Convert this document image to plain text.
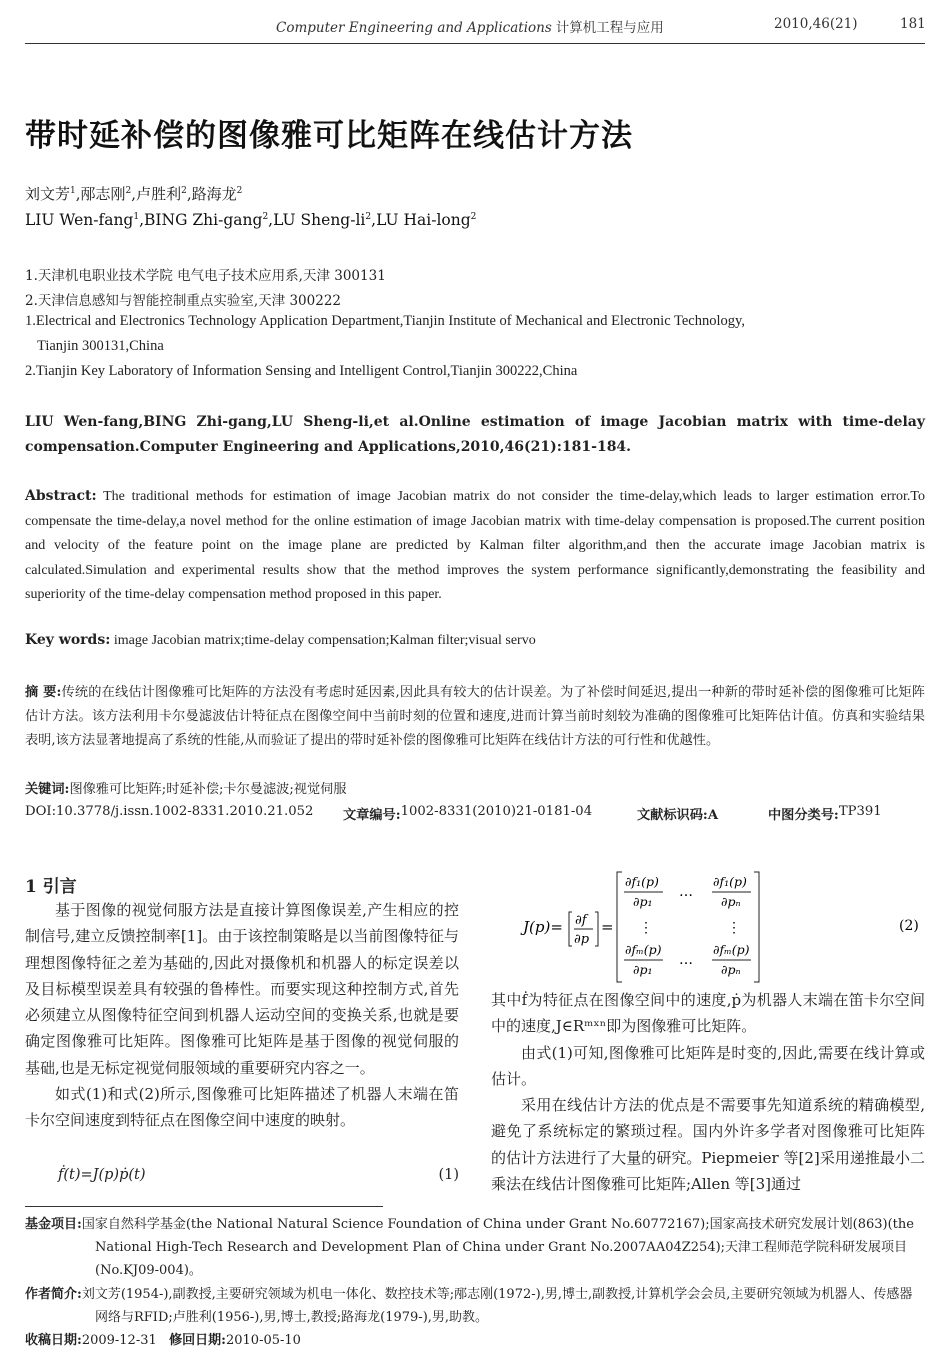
Computer Engineering and Applications 计算机工程与应用	2010,46(21)	181
带时延补偿的图像雅可比矩阵在线估计方法
刘文芳$^1$,邴志刚$^2$,卢胜利$^2$,路海龙$^2$
LIU Wen-fang$^1$,BING Zhi-gang$^2$,LU Sheng-$li^2,LU$ Hai-long$^2$
1.天津机电职业技术学院 电气电子技术应用系,天津 300131
2.天津信息感知与智能控制重点实验室,天津 300222
1.Electrical and Electronics Technology Application Department,Tianjin Institute of Mechanical and Electronic Technology,
Tianjin 300131,China
2.Tianjin Key Laboratory of Information Sensing and Intelligent Control,Tianjin 300222,China
LIU Wen-fang,BING Zhi-gang,LU Sheng-li,et al.Online estimation of image Jacobian matrix with time-delay compensation.Computer Engineering and Applications,2010,46(21):181-184.
Abstract: The traditional methods for estimation of image Jacobian matrix do not consider the time-delay,which leads to larger estimation error.To compensate the time-delay,a novel method for the online estimation of image Jacobian matrix with time-delay compensation is proposed.The current position and velocity of the feature point on the image plane are predicted by Kalman filter algorithm,and then the accurate image Jacobian matrix is calculated.Simulation and experimental results show that the method improves the system performance significantly,demonstrating the feasibility and superiority of the time-delay compensation method proposed in this paper.
Key words: image Jacobian matrix;time-delay compensation;Kalman filter;visual servo
摘 要:传统的在线估计图像雅可比矩阵的方法没有考虑时延因素,因此具有较大的估计误差。为了补偿时间延迟,提出一种新的带时延补偿的图像雅可比矩阵估计方法。该方法利用卡尔曼滤波估计特征点在图像空间中当前时刻的位置和速度,进而计算当前时刻较为准确的图像雅可比矩阵估计值。仿真和实验结果表明,该方法显著地提高了系统的性能,从而验证了提出的带时延补偿的图像雅可比矩阵在线估计方法的可行性和优越性。
关键词:图像雅可比矩阵;时延补偿;卡尔曼滤波;视觉伺服
DOI:10.3778/j.issn.1002-8331.2010.21.052 文章编号: 1002-8331(2010)21-0181-04	文献标识码:A	中图分类号: TP391
1 引言

基于图像的视觉伺服方法是直接计算图像误差,产生相应的控制信号,建立反馈控制率[1]。由于该控制策略是以当前图像特征与理想图像特征之差为基础的,因此对摄像机和机器人的标定误差以及目标模型误差具有较强的鲁棒性。而要实现这种控制方式,首先必须建立从图像特征空间到机器人运动空间的变换关系,也就是要确定图像雅可比矩阵。图像雅可比矩阵是基于图像的视觉伺服的基础,也是无标定视觉伺服领域的重要研究内容之一。

如式(1)和式(2)所示,图像雅可比矩阵描述了机器人末端在笛卡尔空间速度到特征点在图像空间中速度的映射。

ḟ(t)=J(p)ṗ(t)	(1)
J(p)= ∂f
∂p
=
∂f₁(p)
∂p₁
…
∂f₁(p)
∂pₙ
⋮	⋮
∂fₘ(p)
∂p₁
…
∂fₘ(p)
∂pₙ
(2)

其中ḟ为特征点在图像空间中的速度,ṗ为机器人末端在笛卡尔空间中的速度,J∈Rᵐˣⁿ即为图像雅可比矩阵。

由式(1)可知,图像雅可比矩阵是时变的,因此,需要在线计算或估计。

采用在线估计方法的优点是不需要事先知道系统的精确模型,避免了系统标定的繁琐过程。国内外许多学者对图像雅可比矩阵的估计方法进行了大量的研究。Piepmeier 等[2]采用递推最小二乘法在线估计图像雅可比矩阵;Allen 等[3]通过

基金项目:国家自然科学基金(the National Natural Science Foundation of China under Grant No.60772167);国家高技术研究发展计划(863)(the National High-Tech Research and Development Plan of China under Grant No.2007AA04Z254);天津工程师范学院科研发展项目(No.KJ09-004)。
作者简介:刘文芳(1954-),副教授,主要研究领域为机电一体化、数控技术等;邴志刚(1972-),男,博士,副教授,计算机学会会员,主要研究领域为机器人、传感器网络与RFID;卢胜利(1956-),男,博士,教授;路海龙(1979-),男,助教。
收稿日期:2009-12-31 修回日期:2010-05-10
